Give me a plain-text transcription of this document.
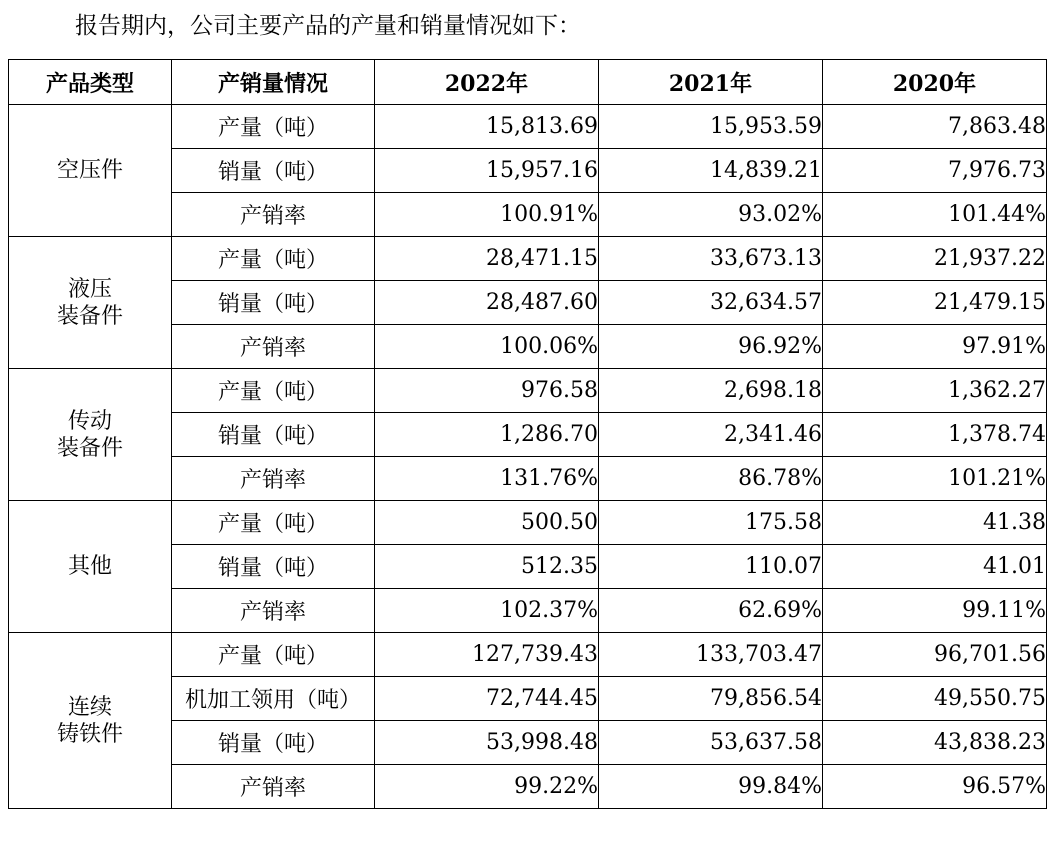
报告期内，公司主要产品的产量和销量情况如下：
产品类型	产销量情况	2022年	2021年	2020年

空压件	产量（吨）	15,813.69	15,953.59	7,863.48
	销量（吨）	15,957.16	14,839.21	7,976.73
	产销率	100.91%	93.02%	101.44%

液压
装备件	产量（吨）	28,471.15	33,673.13	21,937.22
	销量（吨）	28,487.60	32,634.57	21,479.15
	产销率	100.06%	96.92%	97.91%

传动
装备件	产量（吨）	976.58	2,698.18	1,362.27
	销量（吨）	1,286.70	2,341.46	1,378.74
	产销率	131.76%	86.78%	101.21%

其他	产量（吨）	500.50	175.58	41.38
	销量（吨）	512.35	110.07	41.01
	产销率	102.37%	62.69%	99.11%

连续
铸铁件	产量（吨）	127,739.43	133,703.47	96,701.56
	机加工领用（吨）	72,744.45	79,856.54	49,550.75
	销量（吨）	53,998.48	53,637.58	43,838.23
	产销率	99.22%	99.84%	96.57%
